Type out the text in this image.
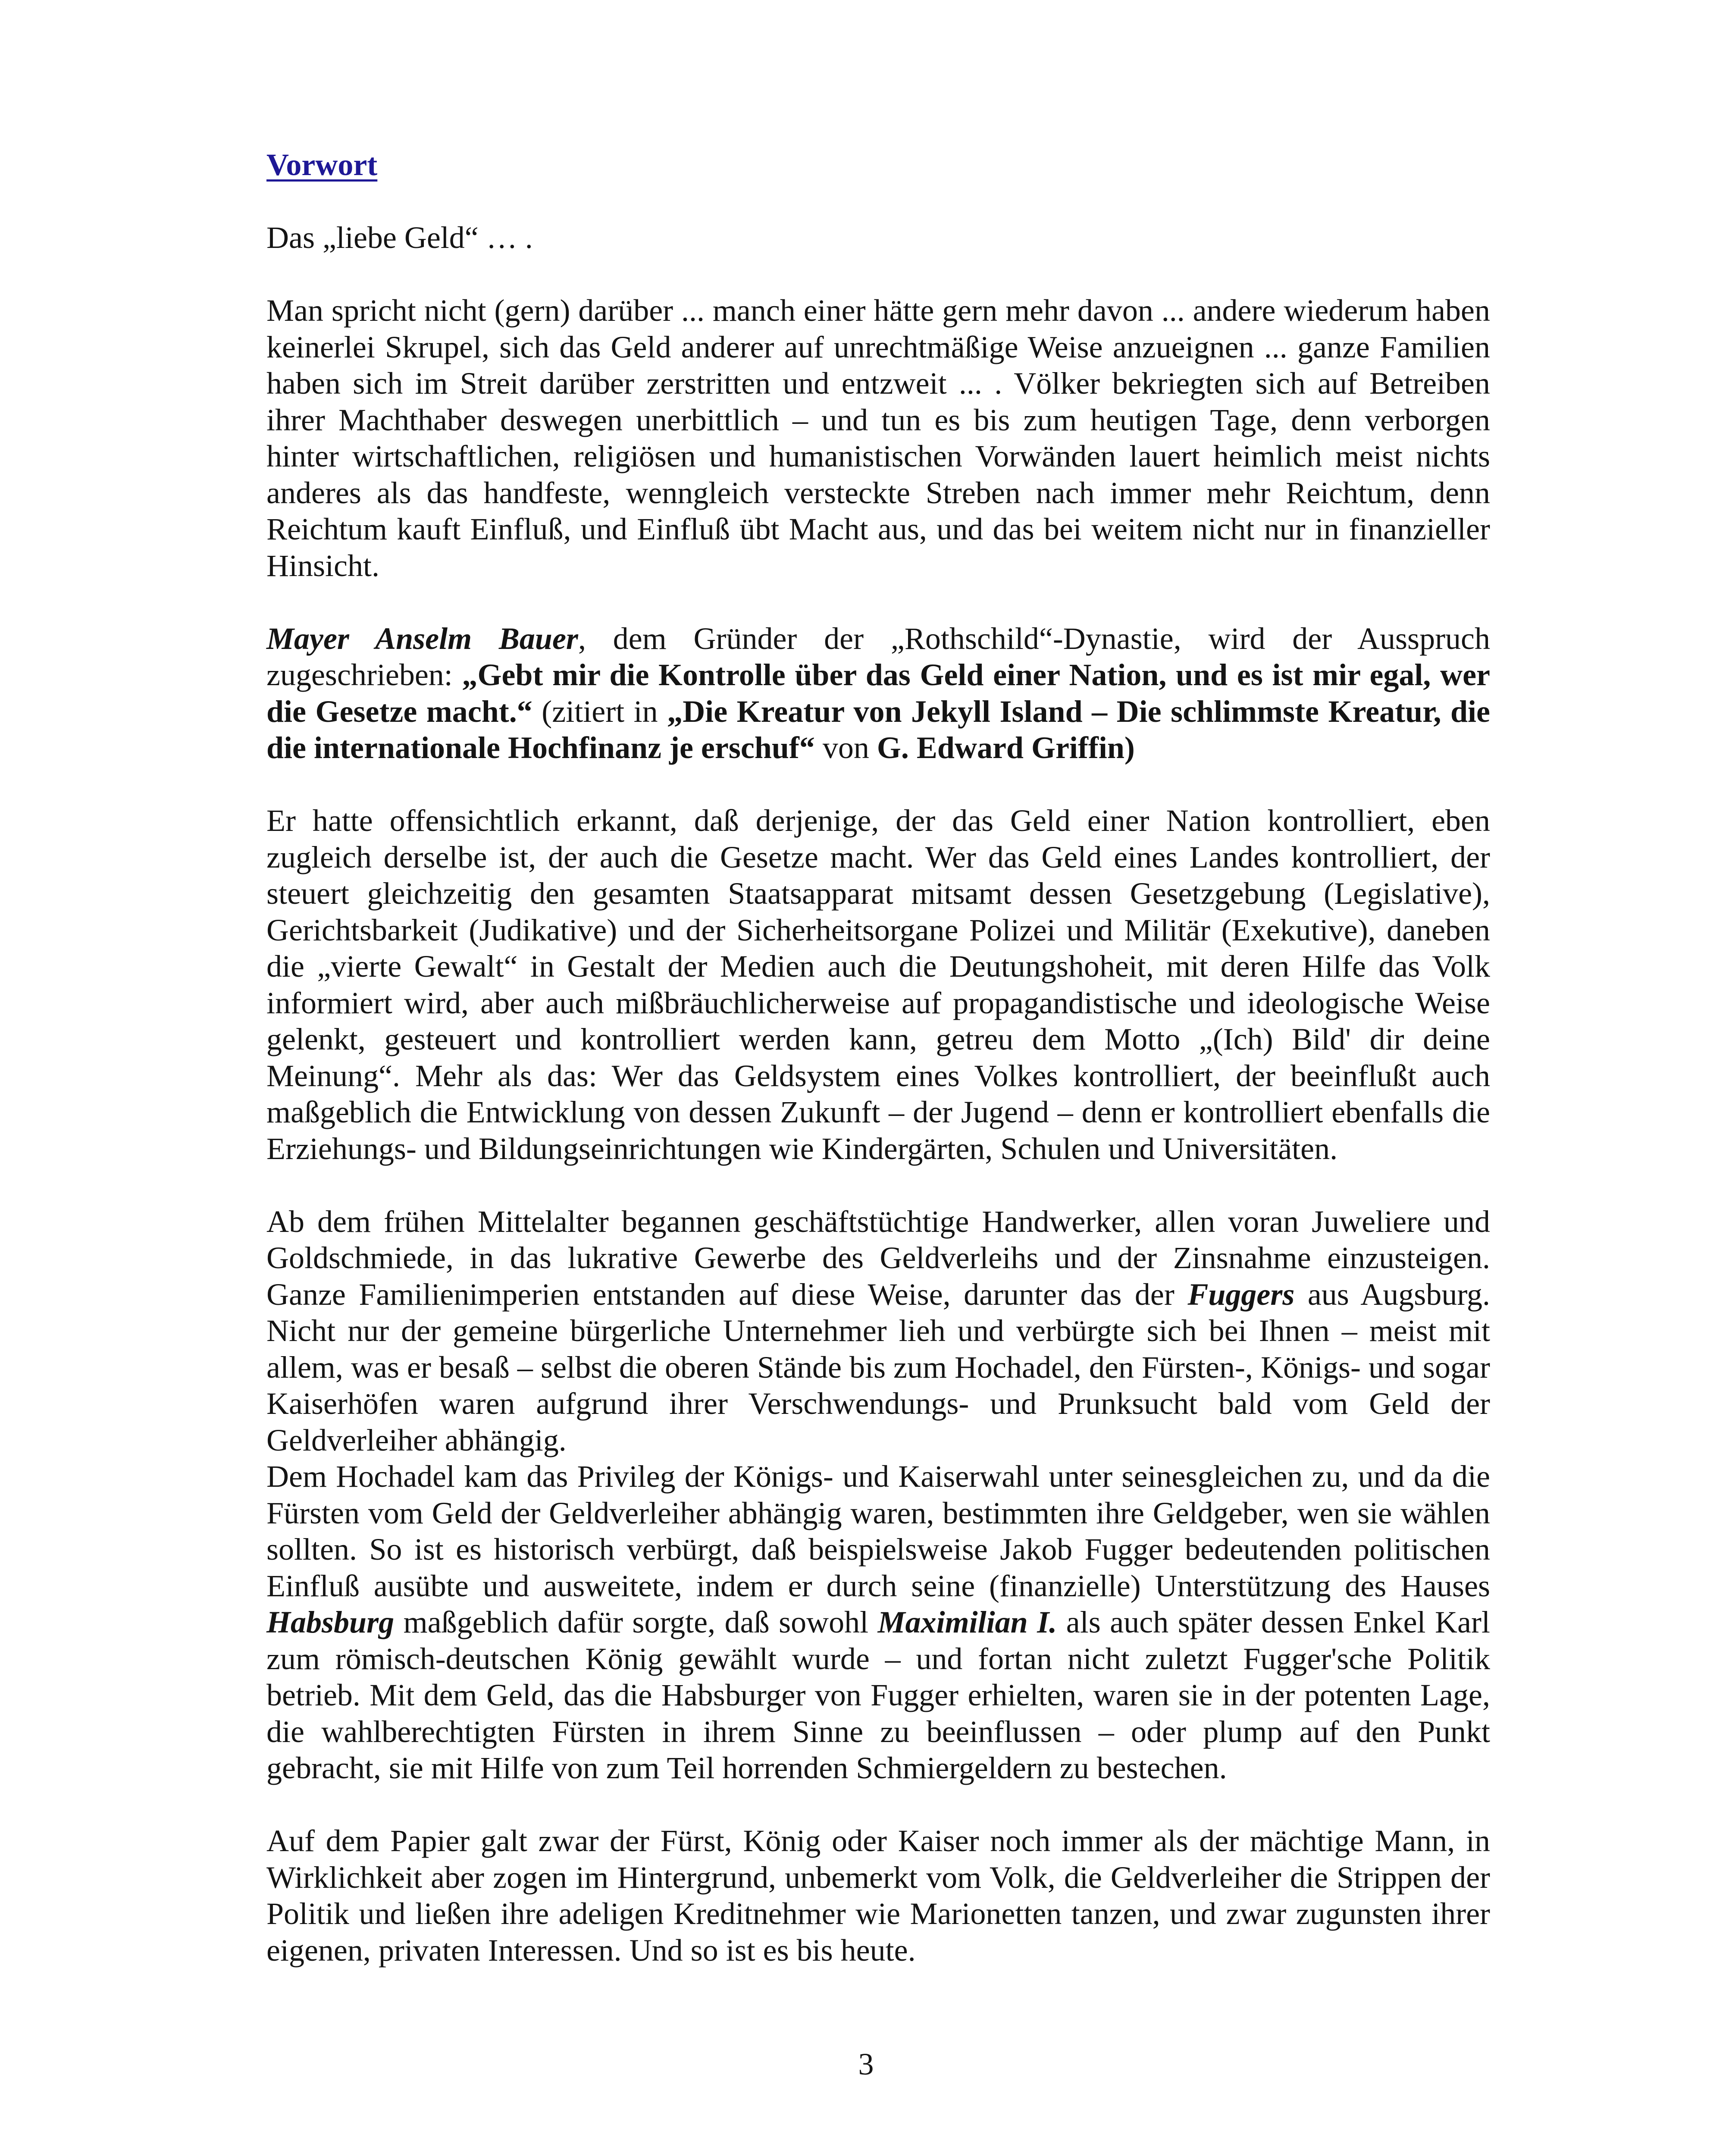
Vorwort

Das „liebe Geld“ … .

Man spricht nicht (gern) darüber ... manch einer hätte gern mehr davon ... andere wiederum haben keinerlei Skrupel, sich das Geld anderer auf unrechtmäßige Weise anzueignen ... ganze Familien haben sich im Streit darüber zerstritten und entzweit ... . Völker bekriegten sich auf Betreiben ihrer Machthaber deswegen unerbittlich – und tun es bis zum heutigen Tage, denn verborgen hinter wirtschaftlichen, religiösen und humanistischen Vorwänden lauert heimlich meist nichts anderes als das handfeste, wenngleich versteckte Streben nach immer mehr Reichtum, denn Reichtum kauft Einfluß, und Einfluß übt Macht aus, und das bei weitem nicht nur in finanzieller Hinsicht.

Mayer Anselm Bauer, dem Gründer der „Rothschild“-Dynastie, wird der Ausspruch zugeschrieben: „Gebt mir die Kontrolle über das Geld einer Nation, und es ist mir egal, wer die Gesetze macht.“ (zitiert in „Die Kreatur von Jekyll Island – Die schlimmste Kreatur, die die internationale Hochfinanz je erschuf“ von G. Edward Griffin)

Er hatte offensichtlich erkannt, daß derjenige, der das Geld einer Nation kontrolliert, eben zugleich derselbe ist, der auch die Gesetze macht. Wer das Geld eines Landes kontrolliert, der steuert gleichzeitig den gesamten Staatsapparat mitsamt dessen Gesetzgebung (Legislative), Gerichtsbarkeit (Judikative) und der Sicherheitsorgane Polizei und Militär (Exekutive), daneben die „vierte Gewalt“ in Gestalt der Medien auch die Deutungshoheit, mit deren Hilfe das Volk informiert wird, aber auch mißbräuchlicherweise auf propagandistische und ideologische Weise gelenkt, gesteuert und kontrolliert werden kann, getreu dem Motto „(Ich) Bild' dir deine Meinung“. Mehr als das: Wer das Geldsystem eines Volkes kontrolliert, der beeinflußt auch maßgeblich die Entwicklung von dessen Zukunft – der Jugend – denn er kontrolliert ebenfalls die Erziehungs- und Bildungseinrichtungen wie Kindergärten, Schulen und Universitäten.

Ab dem frühen Mittelalter begannen geschäftstüchtige Handwerker, allen voran Juweliere und Goldschmiede, in das lukrative Gewerbe des Geldverleihs und der Zinsnahme einzusteigen. Ganze Familienimperien entstanden auf diese Weise, darunter das der Fuggers aus Augsburg. Nicht nur der gemeine bürgerliche Unternehmer lieh und verbürgte sich bei Ihnen – meist mit allem, was er besaß – selbst die oberen Stände bis zum Hochadel, den Fürsten-, Königs- und sogar Kaiserhöfen waren aufgrund ihrer Verschwendungs- und Prunksucht bald vom Geld der Geldverleiher abhängig.

Dem Hochadel kam das Privileg der Königs- und Kaiserwahl unter seinesgleichen zu, und da die Fürsten vom Geld der Geldverleiher abhängig waren, bestimmten ihre Geldgeber, wen sie wählen sollten. So ist es historisch verbürgt, daß beispielsweise Jakob Fugger bedeutenden politischen Einfluß ausübte und ausweitete, indem er durch seine (finanzielle) Unterstützung des Hauses Habsburg maßgeblich dafür sorgte, daß sowohl Maximilian I. als auch später dessen Enkel Karl zum römisch-deutschen König gewählt wurde – und fortan nicht zuletzt Fugger'sche Politik betrieb. Mit dem Geld, das die Habsburger von Fugger erhielten, waren sie in der potenten Lage, die wahlberechtigten Fürsten in ihrem Sinne zu beeinflussen – oder plump auf den Punkt gebracht, sie mit Hilfe von zum Teil horrenden Schmiergeldern zu bestechen.

Auf dem Papier galt zwar der Fürst, König oder Kaiser noch immer als der mächtige Mann, in Wirklichkeit aber zogen im Hintergrund, unbemerkt vom Volk, die Geldverleiher die Strippen der Politik und ließen ihre adeligen Kreditnehmer wie Marionetten tanzen, und zwar zugunsten ihrer eigenen, privaten Interessen. Und so ist es bis heute.

3
